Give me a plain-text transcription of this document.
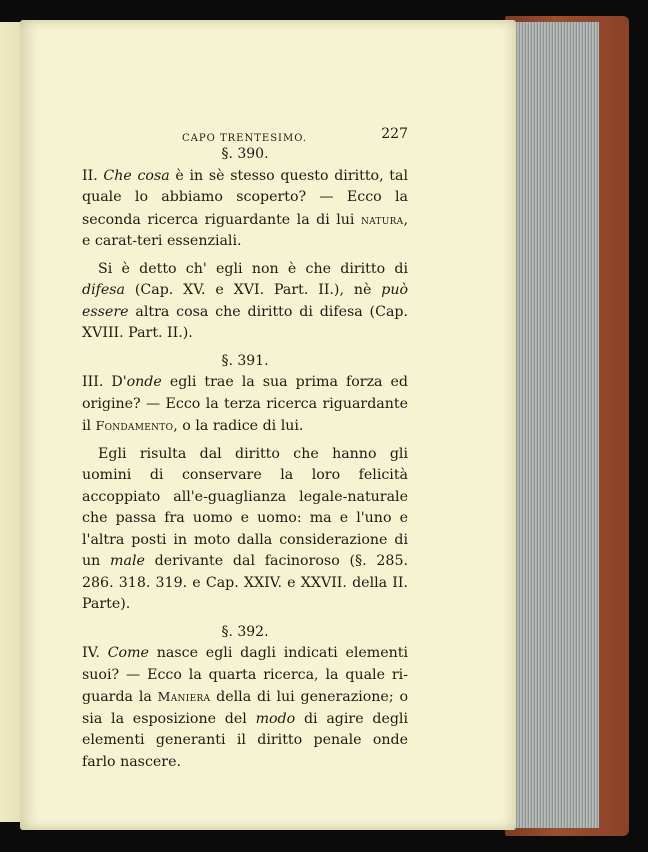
CAPO TRENTESIMO.	227
§. 390.

II. Che cosa è in sè stesso questo diritto, tal quale lo abbiamo scoperto? — Ecco la seconda ricerca riguardante la di lui natura, e carat-teri essenziali.

Si è detto ch' egli non è che diritto di difesa (Cap. XV. e XVI. Part. II.), nè può essere altra cosa che diritto di difesa (Cap. XVIII. Part. II.).

§. 391.

III. D'onde egli trae la sua prima forza ed origine? — Ecco la terza ricerca riguardante il Fondamento, o la radice di lui.

Egli risulta dal diritto che hanno gli uomini di conservare la loro felicità accoppiato all'e-guaglianza legale-naturale che passa fra uomo e uomo: ma e l'uno e l'altra posti in moto dalla considerazione di un male derivante dal facinoroso (§. 285. 286. 318. 319. e Cap. XXIV. e XXVII. della II. Parte).

§. 392.

IV. Come nasce egli dagli indicati elementi suoi? — Ecco la quarta ricerca, la quale ri-guarda la Maniera della di lui generazione; o sia la esposizione del modo di agire degli elementi generanti il diritto penale onde farlo nascere.
